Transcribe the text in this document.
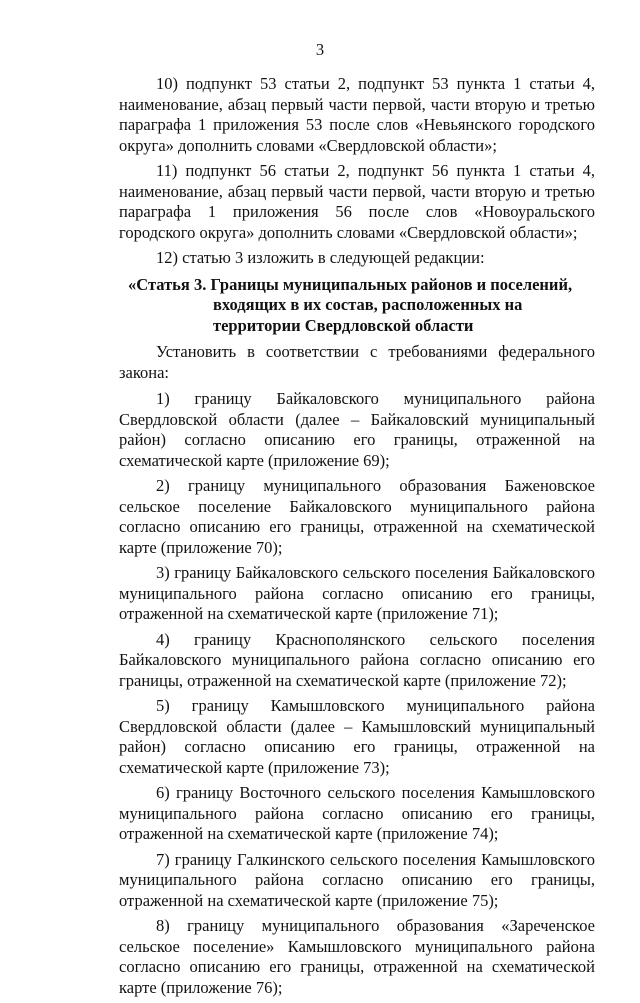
3

10) подпункт 53 статьи 2, подпункт 53 пункта 1 статьи 4, наименование, абзац первый части первой, части вторую и третью параграфа 1 приложения 53 после слов «Невьянского городского округа» дополнить словами «Свердловской области»;

11) подпункт 56 статьи 2, подпункт 56 пункта 1 статьи 4, наименование, абзац первый части первой, части вторую и третью параграфа 1 приложения 56 после слов «Новоуральского городского округа» дополнить словами «Свердловской области»;

12) статью 3 изложить в следующей редакции:

«Статья 3. Границы муниципальных районов и поселений,
входящих в их состав, расположенных на
территории Свердловской области

Установить в соответствии с требованиями федерального закона:

1) границу Байкаловского муниципального района Свердловской области (далее – Байкаловский муниципальный район) согласно описанию его границы, отраженной на схематической карте (приложение 69);

2) границу муниципального образования Баженовское сельское поселение Байкаловского муниципального района согласно описанию его границы, отраженной на схематической карте (приложение 70);

3) границу Байкаловского сельского поселения Байкаловского муниципального района согласно описанию его границы, отраженной на схематической карте (приложение 71);

4) границу Краснополянского сельского поселения Байкаловского муниципального района согласно описанию его границы, отраженной на схематической карте (приложение 72);

5) границу Камышловского муниципального района Свердловской области (далее – Камышловский муниципальный район) согласно описанию его границы, отраженной на схематической карте (приложение 73);

6) границу Восточного сельского поселения Камышловского муниципального района согласно описанию его границы, отраженной на схематической карте (приложение 74);

7) границу Галкинского сельского поселения Камышловского муниципального района согласно описанию его границы, отраженной на схематической карте (приложение 75);

8) границу муниципального образования «Зареченское сельское поселение» Камышловского муниципального района согласно описанию его границы, отраженной на схематической карте (приложение 76);
